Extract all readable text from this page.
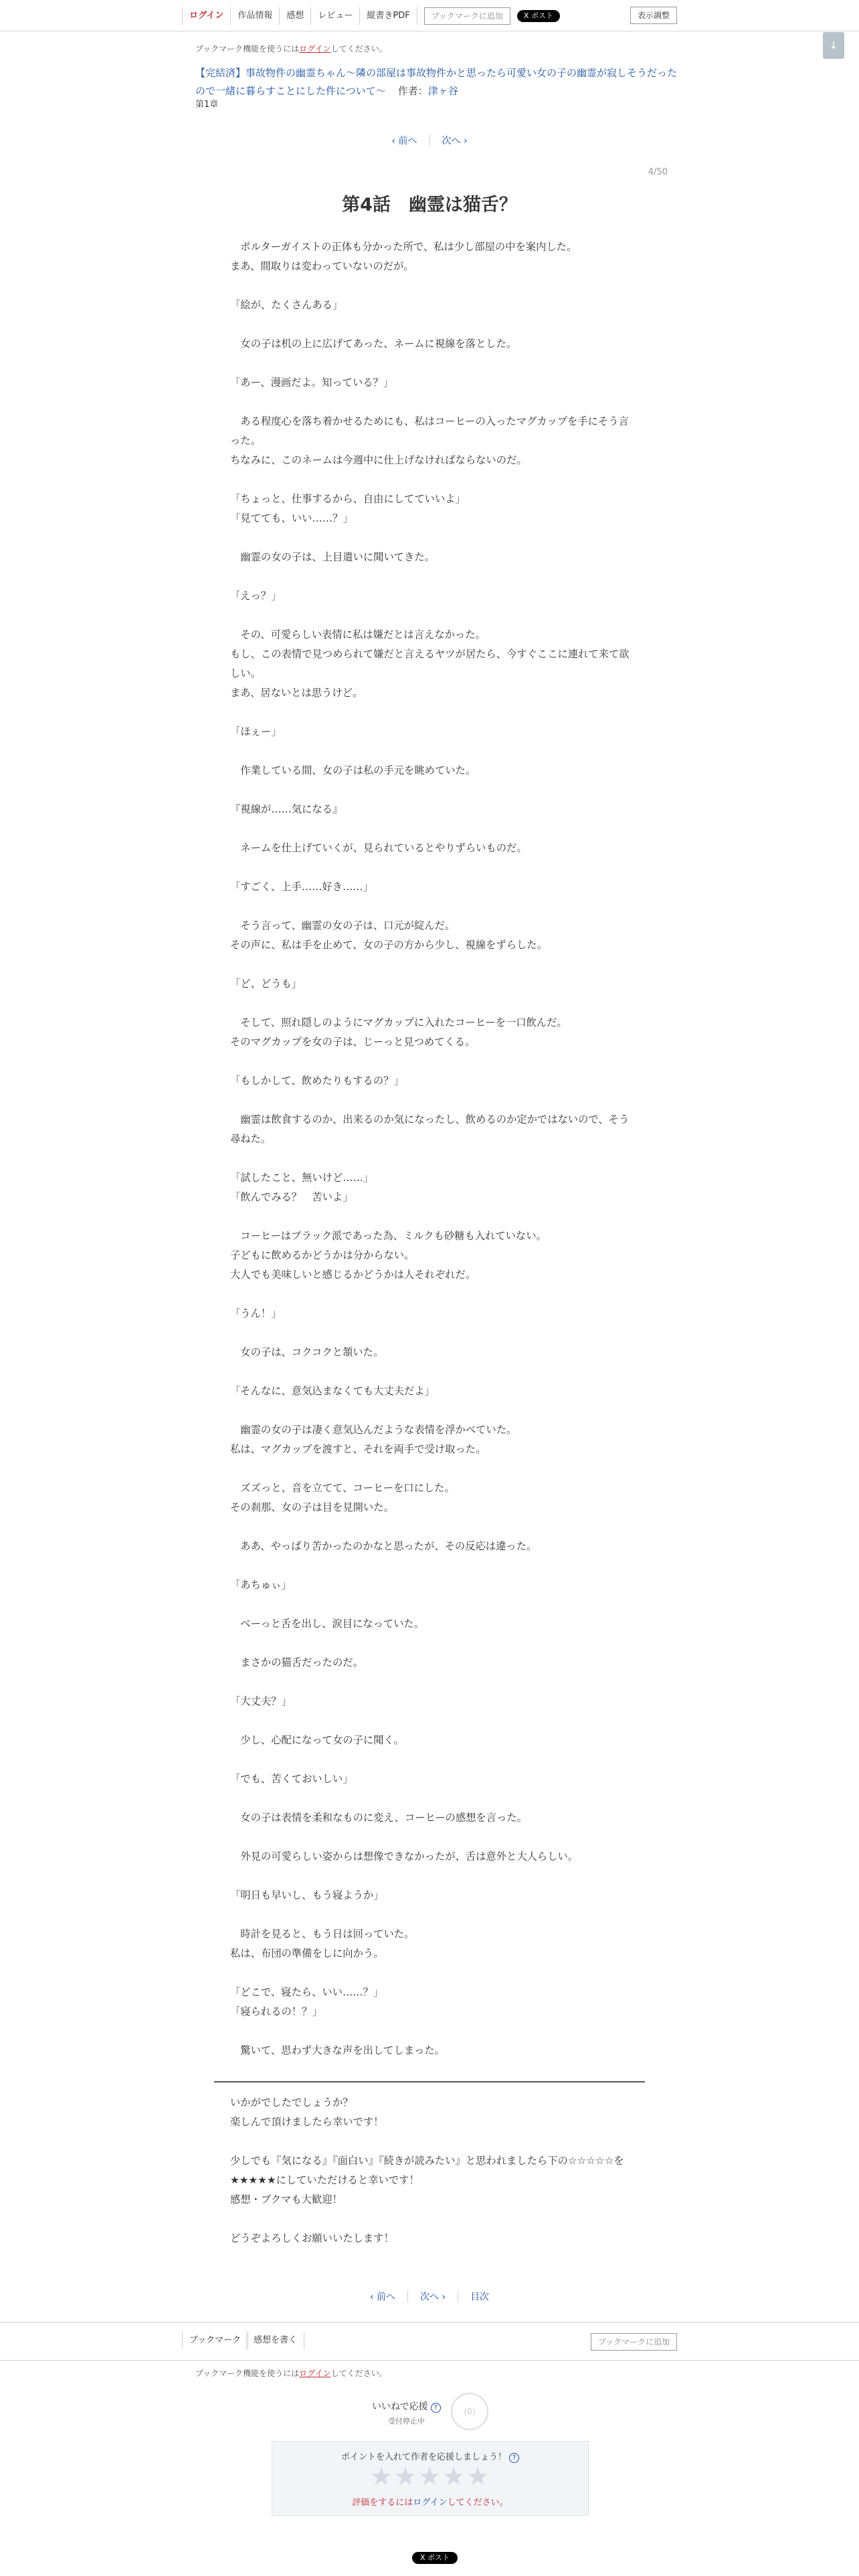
ログイン	作品情報	感想	レビュー	縦書きPDF	ブックマークに追加	X ポスト	表示調整
ブックマーク機能を使うにはログインしてください。	↓
【完結済】事故物件の幽霊ちゃん〜隣の部屋は事故物件かと思ったら可愛い女の子の幽霊が寂しそうだったので一緒に暮らすことにした件について〜 作者：津ヶ谷
第1章
‹ 前へ	次へ ›
4/50
第4話　幽霊は猫舌？

　ポルターガイストの正体も分かった所で、私は少し部屋の中を案内した。

まあ、間取りは変わっていないのだが。

「絵が、たくさんある」

　女の子は机の上に広げてあった、ネームに視線を落とした。

「あー、漫画だよ。知っている？」

　ある程度心を落ち着かせるためにも、私はコーヒーの入ったマグカップを手にそう言った。

ちなみに、このネームは今週中に仕上げなければならないのだ。

「ちょっと、仕事するから、自由にしてていいよ」

「見てても、いい……？」

　幽霊の女の子は、上目遣いに聞いてきた。

「えっ？」

　その、可愛らしい表情に私は嫌だとは言えなかった。

もし、この表情で見つめられて嫌だと言えるヤツが居たら、今すぐここに連れて来て欲しい。

まあ、居ないとは思うけど。

「ほぇー」

　作業している間、女の子は私の手元を眺めていた。

『視線が……気になる』

　ネームを仕上げていくが、見られているとやりずらいものだ。

「すごく、上手……好き……」

　そう言って、幽霊の女の子は、口元が綻んだ。

その声に、私は手を止めて、女の子の方から少し、視線をずらした。

「ど、どうも」

　そして、照れ隠しのようにマグカップに入れたコーヒーを一口飲んだ。

そのマグカップを女の子は、じーっと見つめてくる。

「もしかして、飲めたりもするの？」

　幽霊は飲食するのか、出来るのか気になったし、飲めるのか定かではないので、そう尋ねた。

「試したこと、無いけど……」

「飲んでみる？　苦いよ」

　コーヒーはブラック派であった為、ミルクも砂糖も入れていない。

子どもに飲めるかどうかは分からない。

大人でも美味しいと感じるかどうかは人それぞれだ。

「うん！」

　女の子は、コクコクと頷いた。

「そんなに、意気込まなくても大丈夫だよ」

　幽霊の女の子は凄く意気込んだような表情を浮かべていた。

私は、マグカップを渡すと、それを両手で受け取った。

　ズズっと、音を立てて、コーヒーを口にした。

その刹那、女の子は目を見開いた。

　ああ、やっぱり苦かったのかなと思ったが、その反応は違った。

「あちゅぃ」

　べーっと舌を出し、涙目になっていた。

　まさかの猫舌だったのだ。

「大丈夫？」

　少し、心配になって女の子に聞く。

「でも、苦くておいしい」

　女の子は表情を柔和なものに変え、コーヒーの感想を言った。

　外見の可愛らしい姿からは想像できなかったが、舌は意外と大人らしい。

「明日も早いし、もう寝ようか」

　時計を見ると、もう日は回っていた。

私は、布団の準備をしに向かう。

「どこで、寝たら、いい……？」

「寝られるの！？」

　驚いて、思わず大きな声を出してしまった。

いかがでしたでしょうか？

楽しんで頂けましたら幸いです！

少しでも『気になる』『面白い』『続きが読みたい』と思われましたら下の☆☆☆☆☆を★★★★★にしていただけると幸いです！

感想・ブクマも大歓迎！

どうぞよろしくお願いいたします！

‹ 前へ	次へ ›	目次
ブックマーク	感想を書く	ブックマークに追加
ブックマーク機能を使うにはログインしてください。
いいねで応援 ?
受付停止中
(0)
ポイントを入れて作者を応援しましょう！ ?
★★★★★
評価をするにはログインしてください。
X ポスト
